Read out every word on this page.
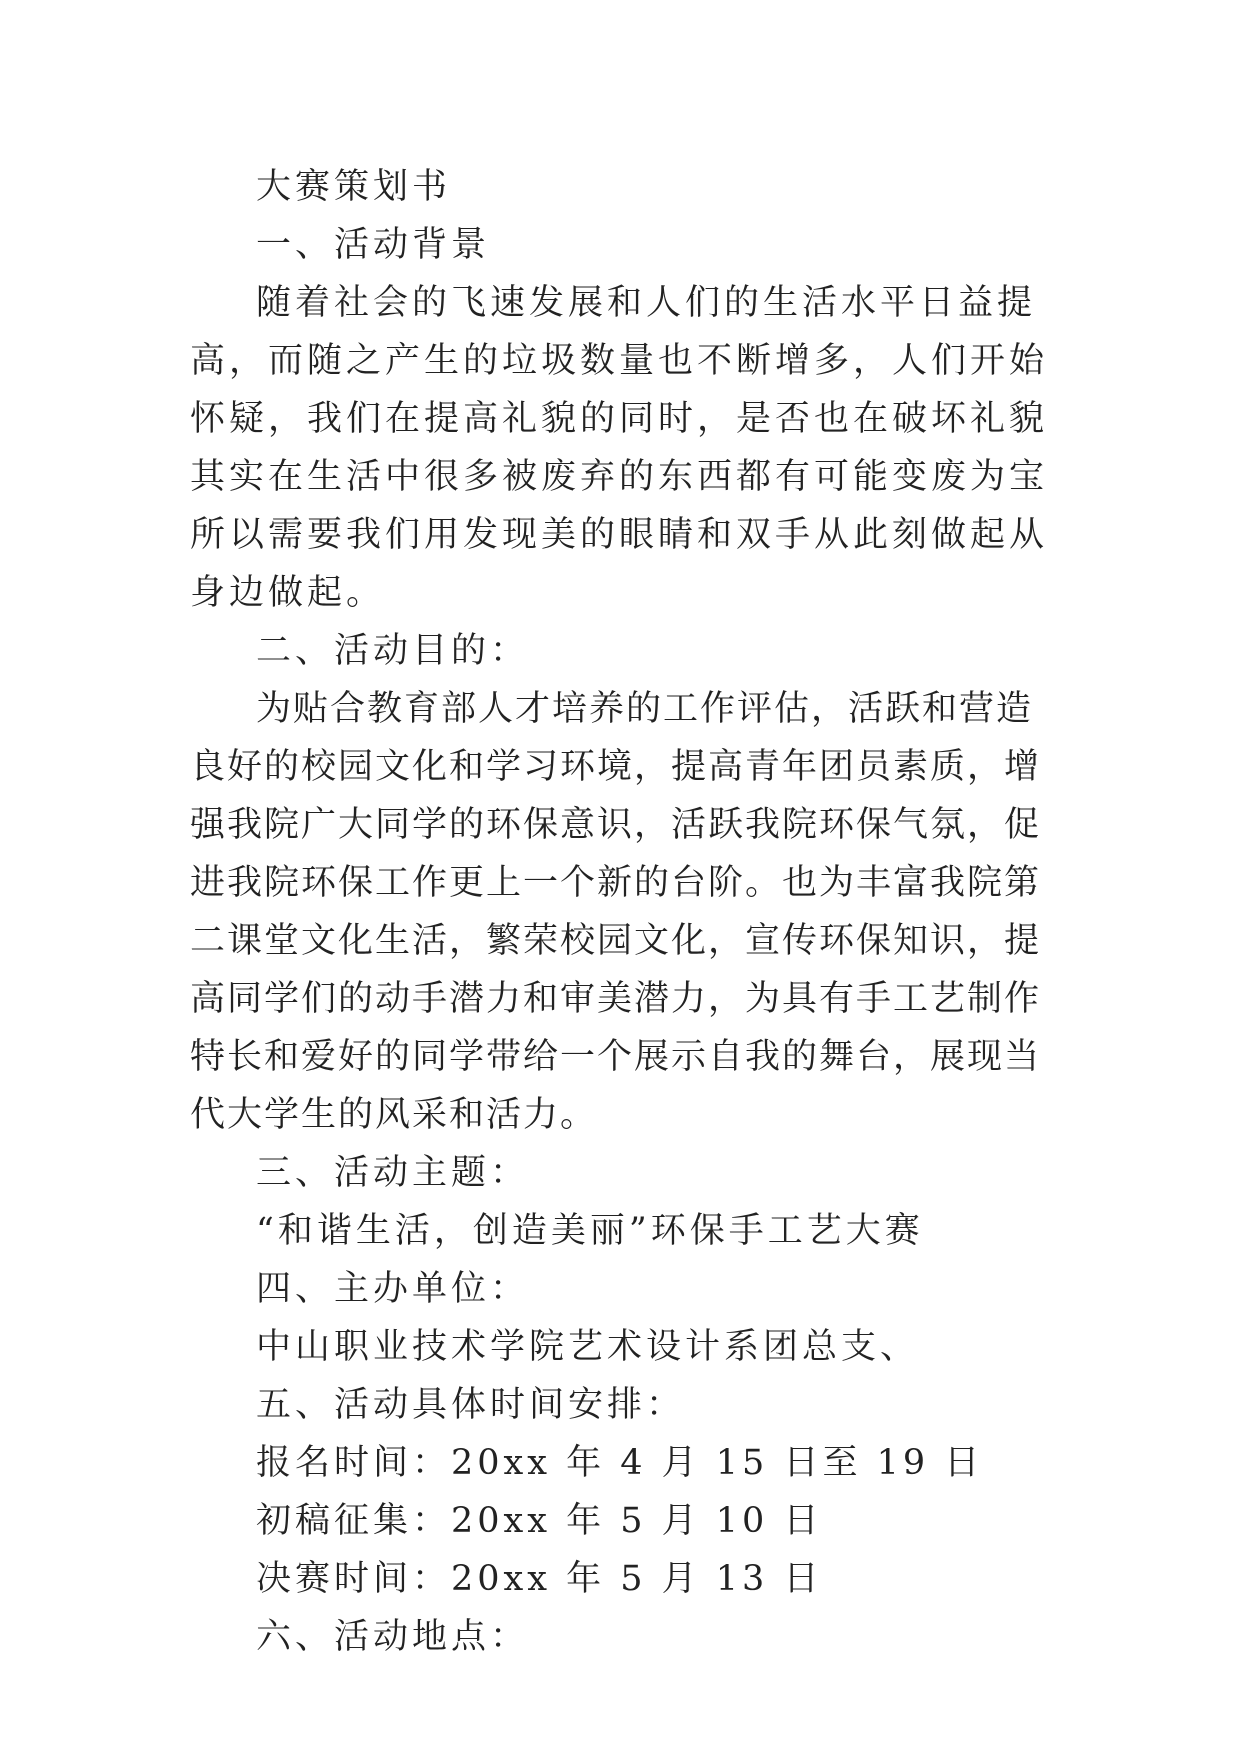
大赛策划书

一、活动背景

随着社会的飞速发展和人们的生活水平日益提高，而随之产生的垃圾数量也不断增多，人们开始怀疑，我们在提高礼貌的同时，是否也在破坏礼貌其实在生活中很多被废弃的东西都有可能变废为宝所以需要我们用发现美的眼睛和双手从此刻做起从身边做起。

二、活动目的：

为贴合教育部人才培养的工作评估，活跃和营造良好的校园文化和学习环境，提高青年团员素质，增强我院广大同学的环保意识，活跃我院环保气氛，促进我院环保工作更上一个新的台阶。也为丰富我院第二课堂文化生活，繁荣校园文化，宣传环保知识，提高同学们的动手潜力和审美潜力，为具有手工艺制作特长和爱好的同学带给一个展示自我的舞台，展现当代大学生的风采和活力。

三、活动主题：

“和谐生活，创造美丽”环保手工艺大赛

四、主办单位：

中山职业技术学院艺术设计系团总支、

五、活动具体时间安排：

报名时间：20xx 年 4 月 15 日至 19 日

初稿征集：20xx 年 5 月 10 日

决赛时间：20xx 年 5 月 13 日

六、活动地点：
